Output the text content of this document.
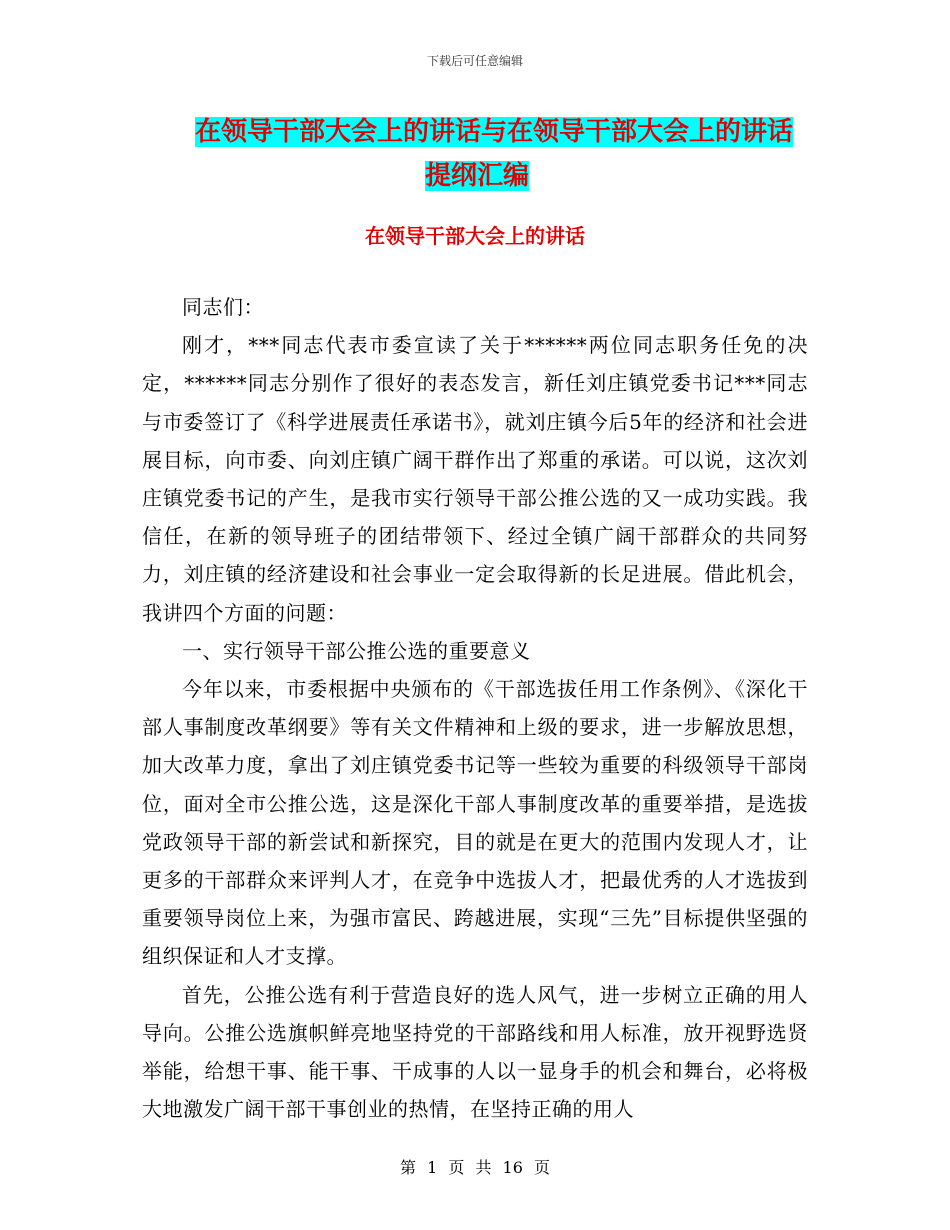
下载后可任意编辑
在领导干部大会上的讲话与在领导干部大会上的讲话
提纲汇编
在领导干部大会上的讲话

同志们：

刚才，***同志代表市委宣读了关于******两位同志职务任免的决定，******同志分别作了很好的表态发言，新任刘庄镇党委书记***同志与市委签订了《科学进展责任承诺书》，就刘庄镇今后5年的经济和社会进展目标，向市委、向刘庄镇广阔干群作出了郑重的承诺。可以说，这次刘庄镇党委书记的产生，是我市实行领导干部公推公选的又一成功实践。我信任，在新的领导班子的团结带领下、经过全镇广阔干部群众的共同努力，刘庄镇的经济建设和社会事业一定会取得新的长足进展。借此机会，我讲四个方面的问题：

一、实行领导干部公推公选的重要意义

今年以来，市委根据中央颁布的《干部选拔任用工作条例》、《深化干部人事制度改革纲要》等有关文件精神和上级的要求，进一步解放思想，加大改革力度，拿出了刘庄镇党委书记等一些较为重要的科级领导干部岗位，面对全市公推公选，这是深化干部人事制度改革的重要举措，是选拔党政领导干部的新尝试和新探究，目的就是在更大的范围内发现人才，让更多的干部群众来评判人才，在竞争中选拔人才，把最优秀的人才选拔到重要领导岗位上来，为强市富民、跨越进展，实现“三先”目标提供坚强的组织保证和人才支撑。

首先，公推公选有利于营造良好的选人风气，进一步树立正确的用人导向。公推公选旗帜鲜亮地坚持党的干部路线和用人标准，放开视野选贤举能，给想干事、能干事、干成事的人以一显身手的机会和舞台，必将极大地激发广阔干部干事创业的热情，在坚持正确的用人

第 1 页 共 16 页
